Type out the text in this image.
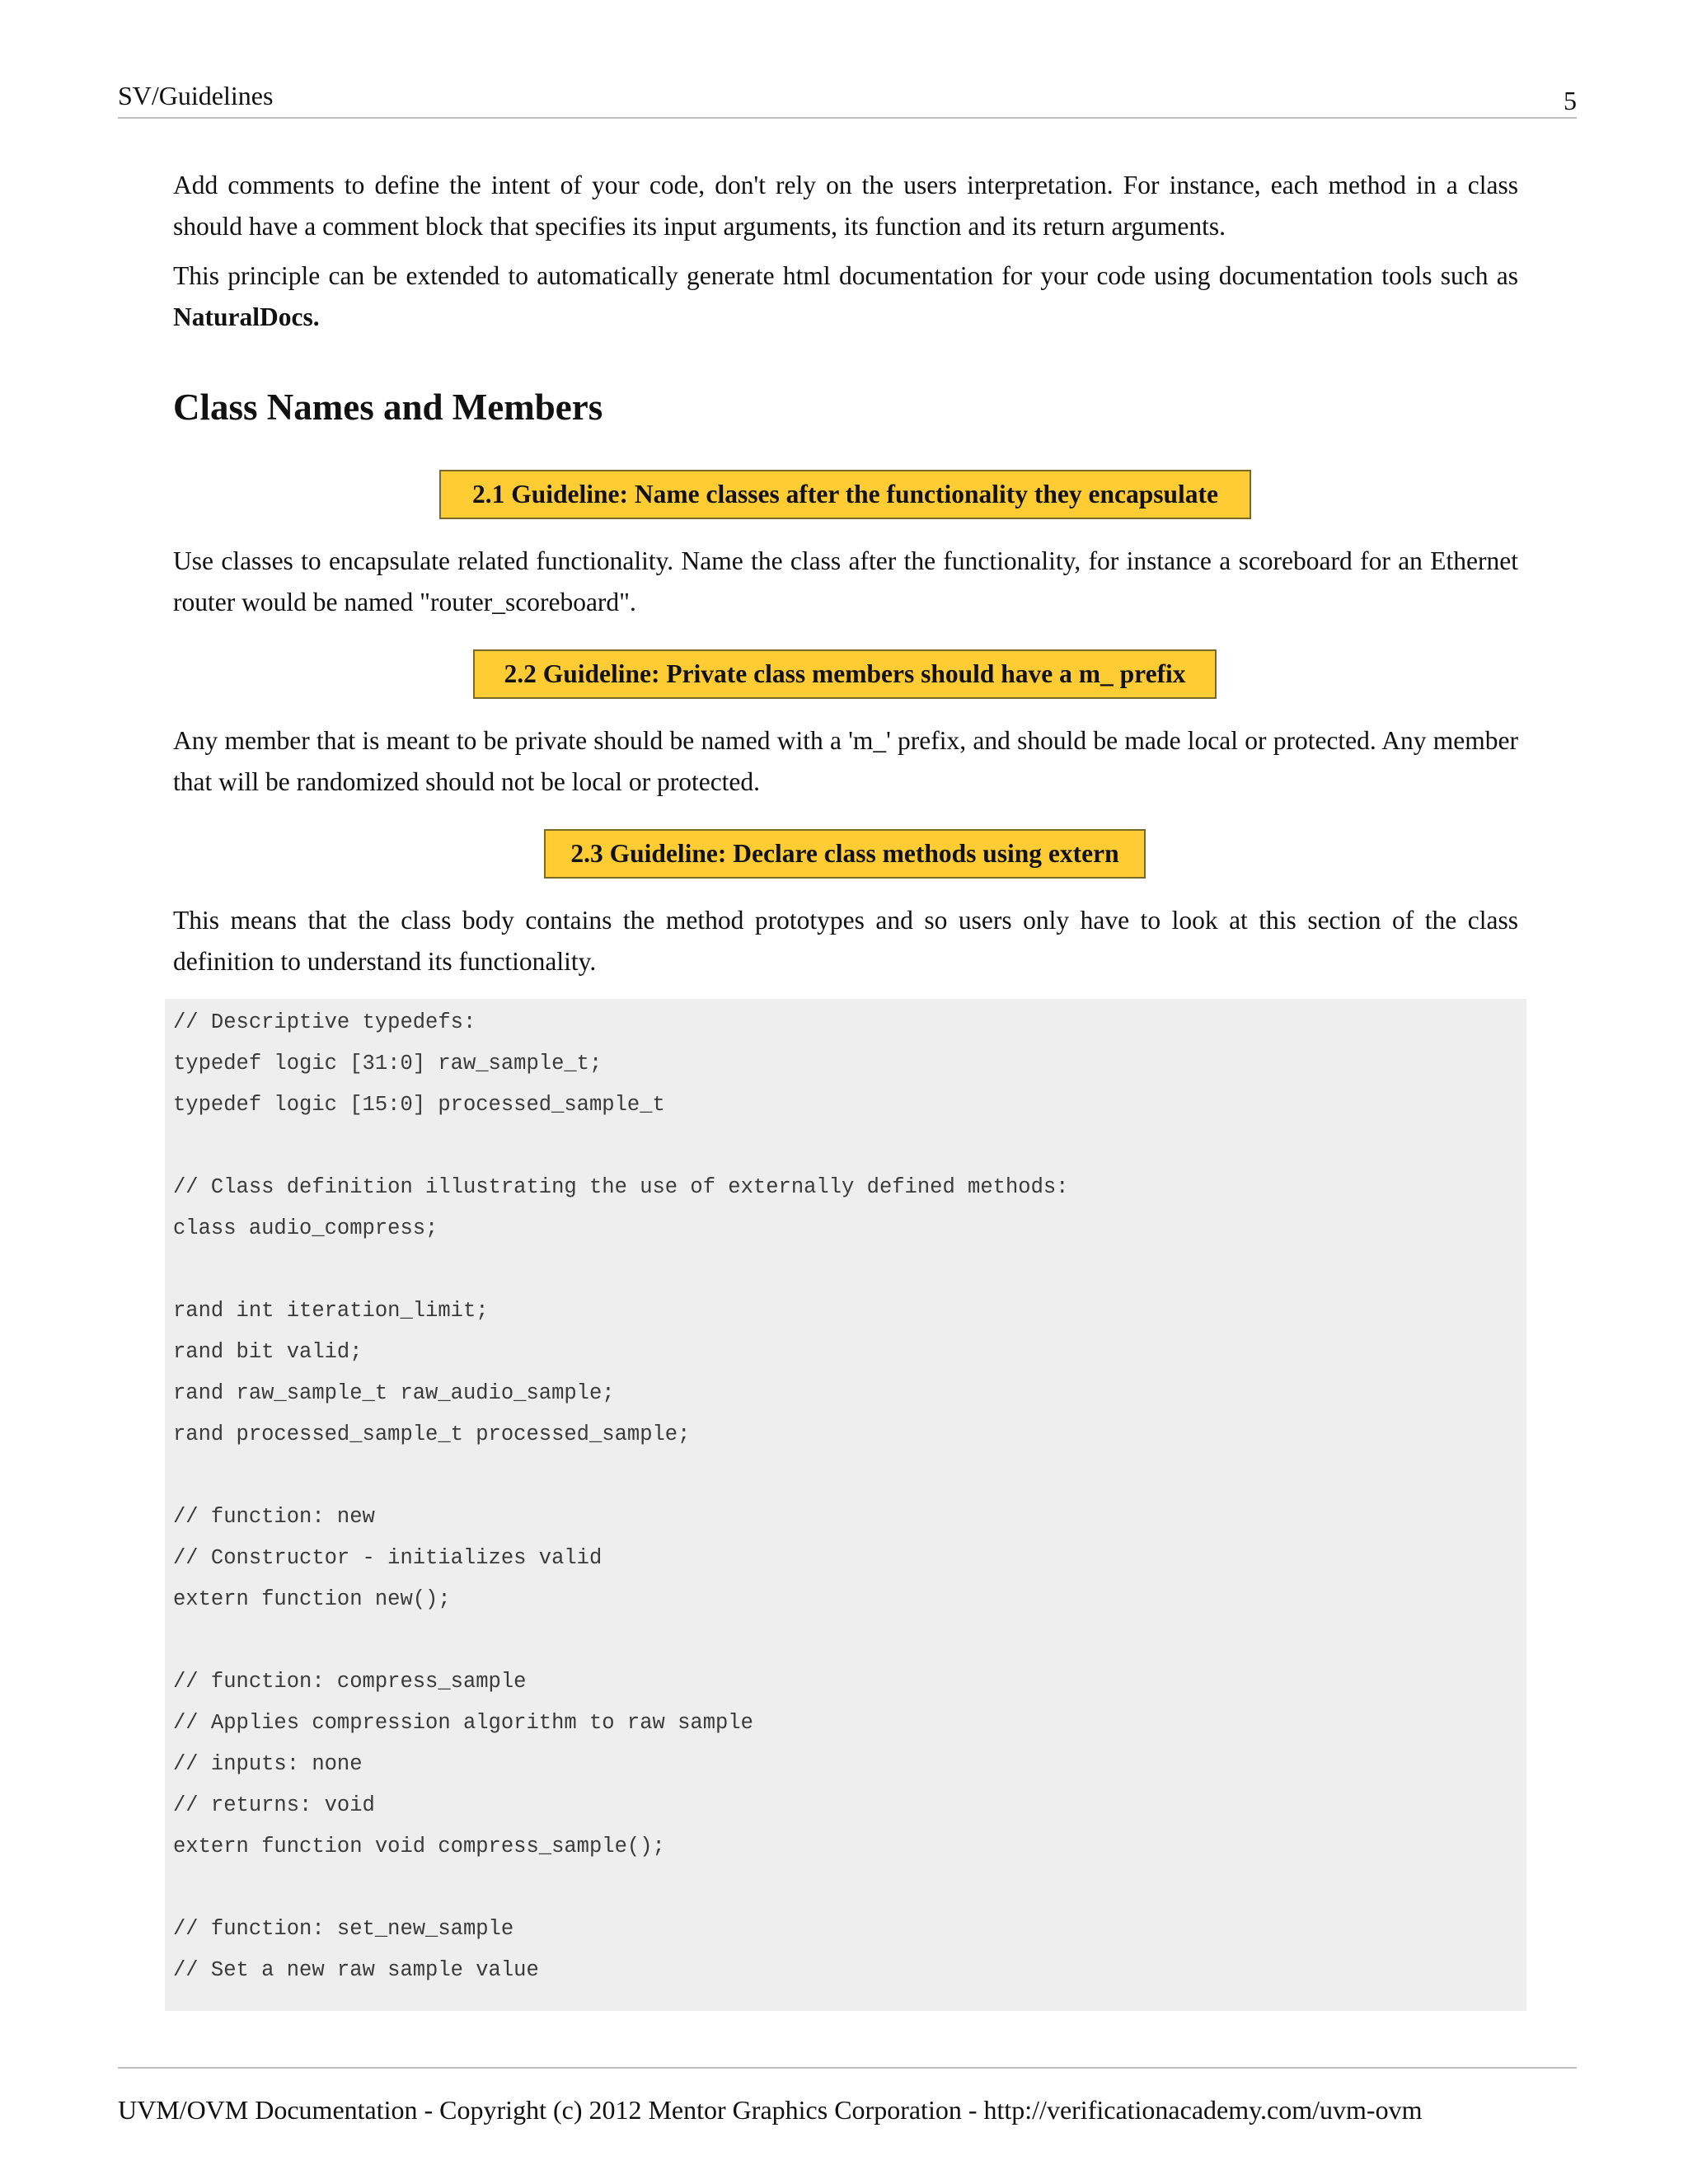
SV/Guidelines	5

Add comments to define the intent of your code, don't rely on the users interpretation. For instance, each method in a class should have a comment block that specifies its input arguments, its function and its return arguments.

This principle can be extended to automatically generate html documentation for your code using documentation tools such as NaturalDocs.

Class Names and Members
2.1 Guideline: Name classes after the functionality they encapsulate

Use classes to encapsulate related functionality. Name the class after the functionality, for instance a scoreboard for an Ethernet router would be named "router_scoreboard".

2.2 Guideline: Private class members should have a m_ prefix

Any member that is meant to be private should be named with a 'm_' prefix, and should be made local or protected. Any member that will be randomized should not be local or protected.

2.3 Guideline: Declare class methods using extern

This means that the class body contains the method prototypes and so users only have to look at this section of the class definition to understand its functionality.

// Descriptive typedefs:
typedef logic [31:0] raw_sample_t;
typedef logic [15:0] processed_sample_t
// Class definition illustrating the use of externally defined methods:
class audio_compress;
rand int iteration_limit;
rand bit valid;
rand raw_sample_t raw_audio_sample;
rand processed_sample_t processed_sample;
// function: new
// Constructor - initializes valid
extern function new();
// function: compress_sample
// Applies compression algorithm to raw sample
// inputs: none
// returns: void
extern function void compress_sample();
// function: set_new_sample
// Set a new raw sample value
UVM/OVM Documentation - Copyright (c) 2012 Mentor Graphics Corporation - http://verificationacademy.com/uvm-ovm
